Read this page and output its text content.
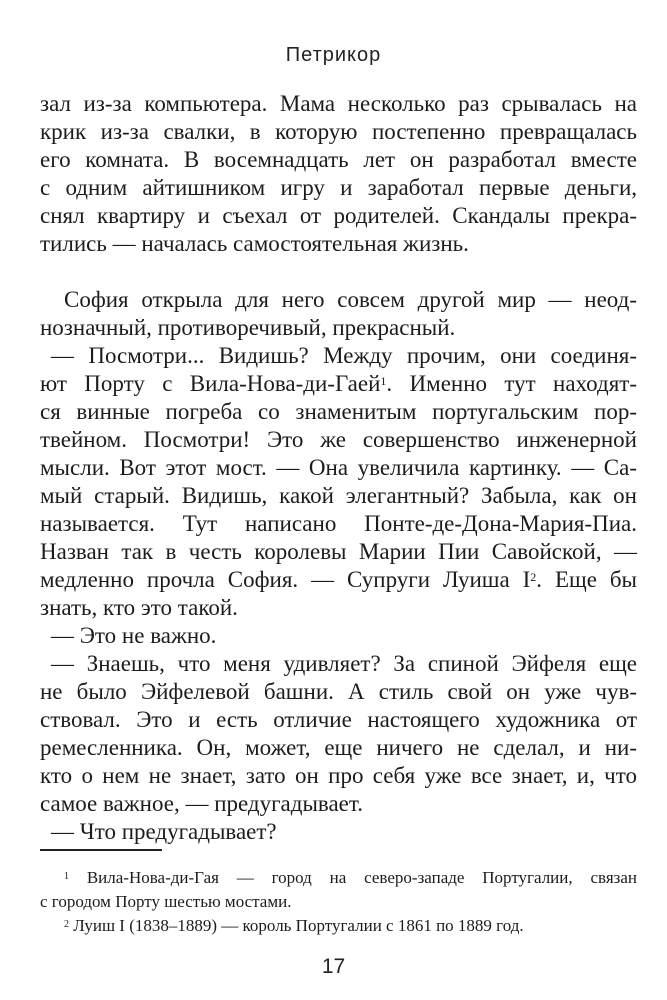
Петрикор
зал из-за компьютера. Мама несколько раз срывалась на
крик из-за свалки, в которую постепенно превращалась
его комната. В восемнадцать лет он разработал вместе
с одним айтишником игру и заработал первые деньги,
снял квартиру и съехал от родителей. Скандалы прекра-
тились — началась самостоятельная жизнь.
София открыла для него совсем другой мир — неод-
нозначный, противоречивый, прекрасный.
— Посмотри... Видишь? Между прочим, они соединя-
ют Порту с Вила-Нова-ди-Гаей$^1$. Именно тут находят-
ся винные погреба со знаменитым португальским пор-
твейном. Посмотри! Это же совершенство инженерной
мысли. Вот этот мост. — Она увеличила картинку. — Са-
мый старый. Видишь, какой элегантный? Забыла, как он
называется. Тут написано Понте-де-Дона-Мария-Пиа.
Назван так в честь королевы Марии Пии Савойской, —
медленно прочла София. — Супруги Луиша $I^2$. Еще бы
знать, кто это такой.
— Это не важно.
— Знаешь, что меня удивляет? За спиной Эйфеля еще
не было Эйфелевой башни. А стиль свой он уже чув-
ствовал. Это и есть отличие настоящего художника от
ремесленника. Он, может, еще ничего не сделал, и ни-
кто о нем не знает, зато он про себя уже все знает, и, что
самое важное, — предугадывает.
— Что предугадывает?
$^1$ Вила-Нова-ди-Гая — город на северо-западе Португалии, связан
с городом Порту шестью мостами.
$^2$ Луиш I (1838–1889) — король Португалии с 1861 по 1889 год.
17
